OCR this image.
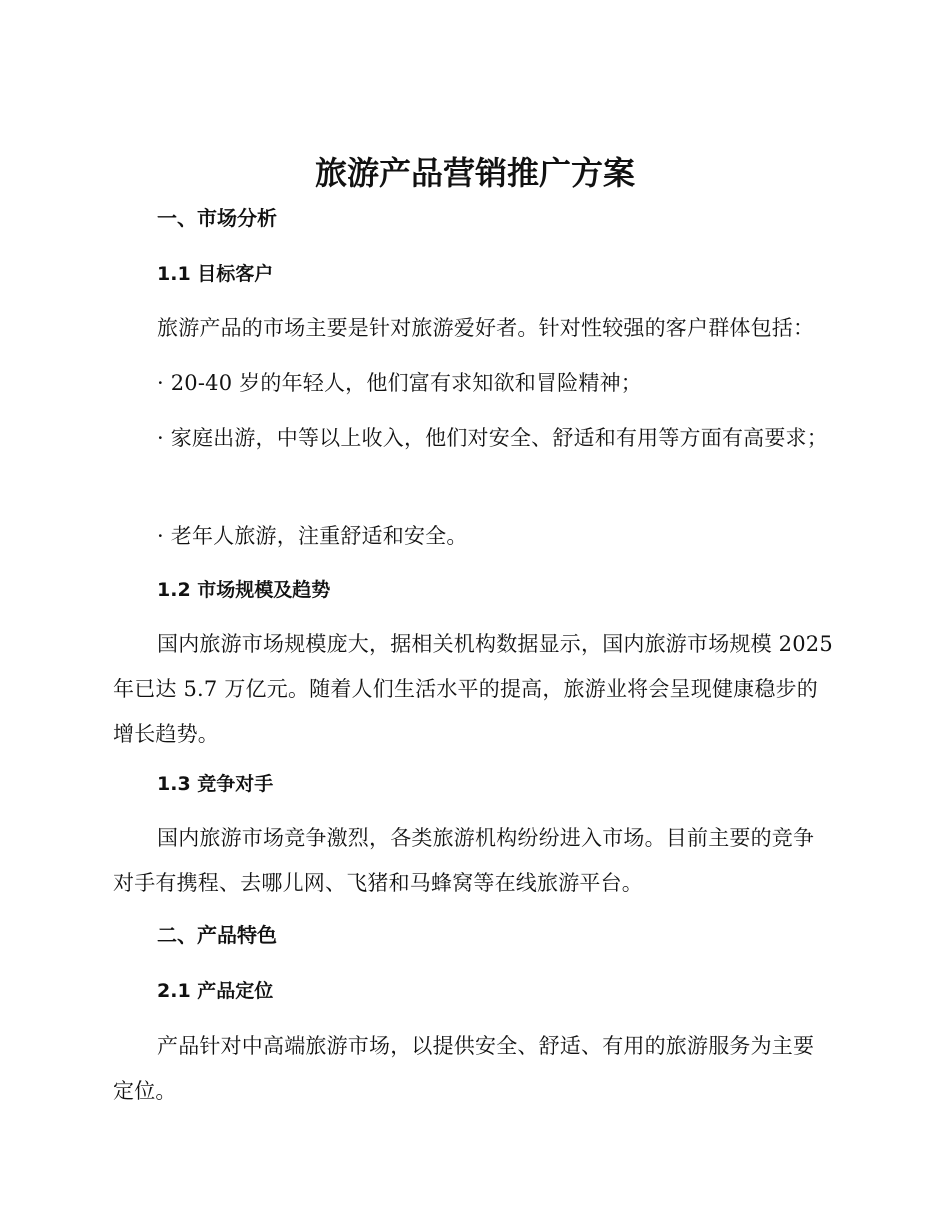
旅游产品营销推广方案
一、市场分析
1.1 目标客户

旅游产品的市场主要是针对旅游爱好者。针对性较强的客户群体包括：

· 20-40 岁的年轻人，他们富有求知欲和冒险精神；

· 家庭出游，中等以上收入，他们对安全、舒适和有用等方面有高要求；

· 老年人旅游，注重舒适和安全。

1.2 市场规模及趋势

国内旅游市场规模庞大，据相关机构数据显示，国内旅游市场规模 2025 年已达 5.7 万亿元。随着人们生活水平的提高，旅游业将会呈现健康稳步的增长趋势。

1.3 竞争对手

国内旅游市场竞争激烈，各类旅游机构纷纷进入市场。目前主要的竞争对手有携程、去哪儿网、飞猪和马蜂窝等在线旅游平台。

二、产品特色
2.1 产品定位

产品针对中高端旅游市场，以提供安全、舒适、有用的旅游服务为主要定位。
